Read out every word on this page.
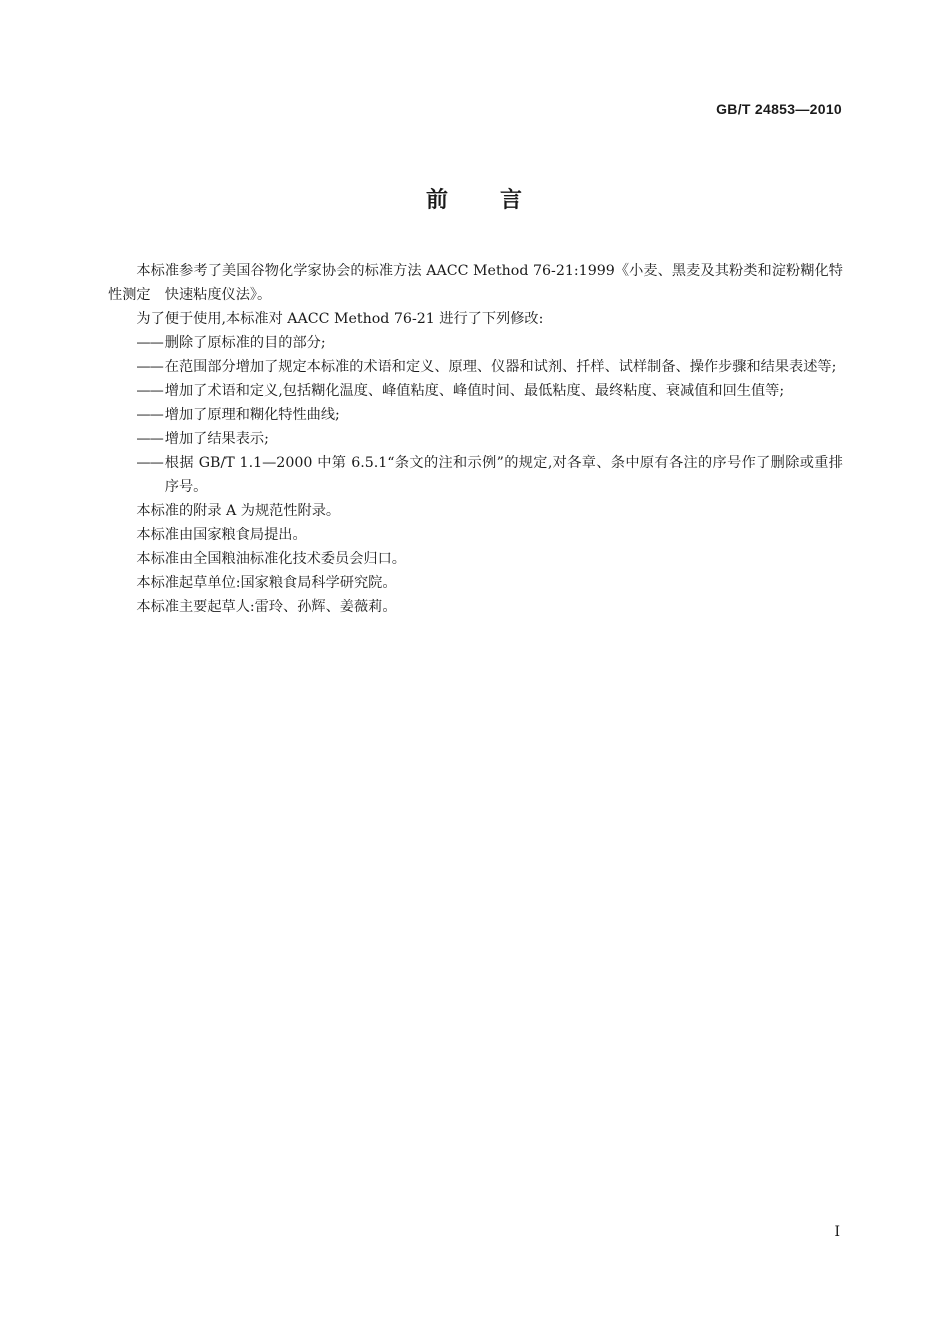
GB/T 24853—2010
前 言

本标准参考了美国谷物化学家协会的标准方法 AACC Method 76-21:1999《小麦、黑麦及其粉类和淀粉糊化特性测定　快速粘度仪法》。

为了便于使用,本标准对 AACC Method 76-21 进行了下列修改:

—— 删除了原标准的目的部分;
—— 在范围部分增加了规定本标准的术语和定义、原理、仪器和试剂、扦样、试样制备、操作步骤和结果表述等;
—— 增加了术语和定义,包括糊化温度、峰值粘度、峰值时间、最低粘度、最终粘度、衰减值和回生值等;
—— 增加了原理和糊化特性曲线;
—— 增加了结果表示;
—— 根据 GB/T 1.1—2000 中第 6.5.1“条文的注和示例”的规定,对各章、条中原有各注的序号作了删除或重排序号。

本标准的附录 A 为规范性附录。

本标准由国家粮食局提出。

本标准由全国粮油标准化技术委员会归口。

本标准起草单位:国家粮食局科学研究院。

本标准主要起草人:雷玲、孙辉、姜薇莉。

I
